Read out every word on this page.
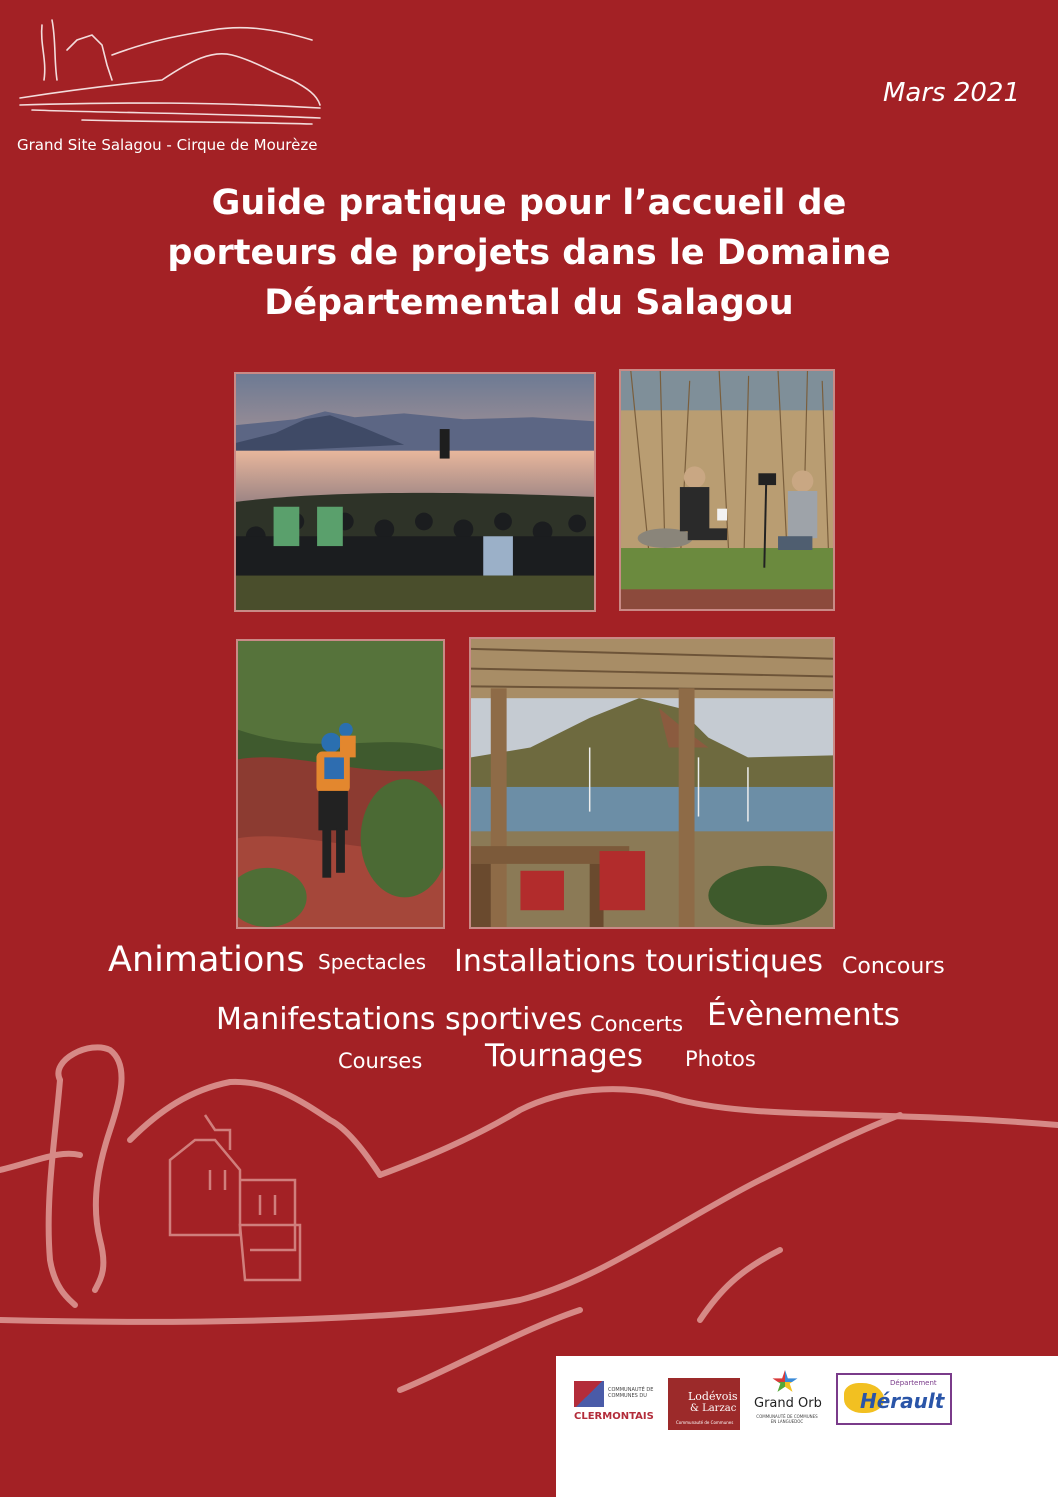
Grand Site Salagou - Cirque de Mourèze
Mars 2021
Guide pratique pour l’accueil de
porteurs de projets dans le Domaine
Départemental du Salagou
Animations Spectacles Installations touristiques Concours
Manifestations sportives Concerts Évènements
Courses Tournages Photos
COMMUNAUTÉ DE COMMUNES DU
CLERMONTAIS
Lodévois
& Larzac
Communauté de Communes
Grand Orb
COMMUNAUTÉ DE COMMUNES EN LANGUEDOC
Département
Hérault
